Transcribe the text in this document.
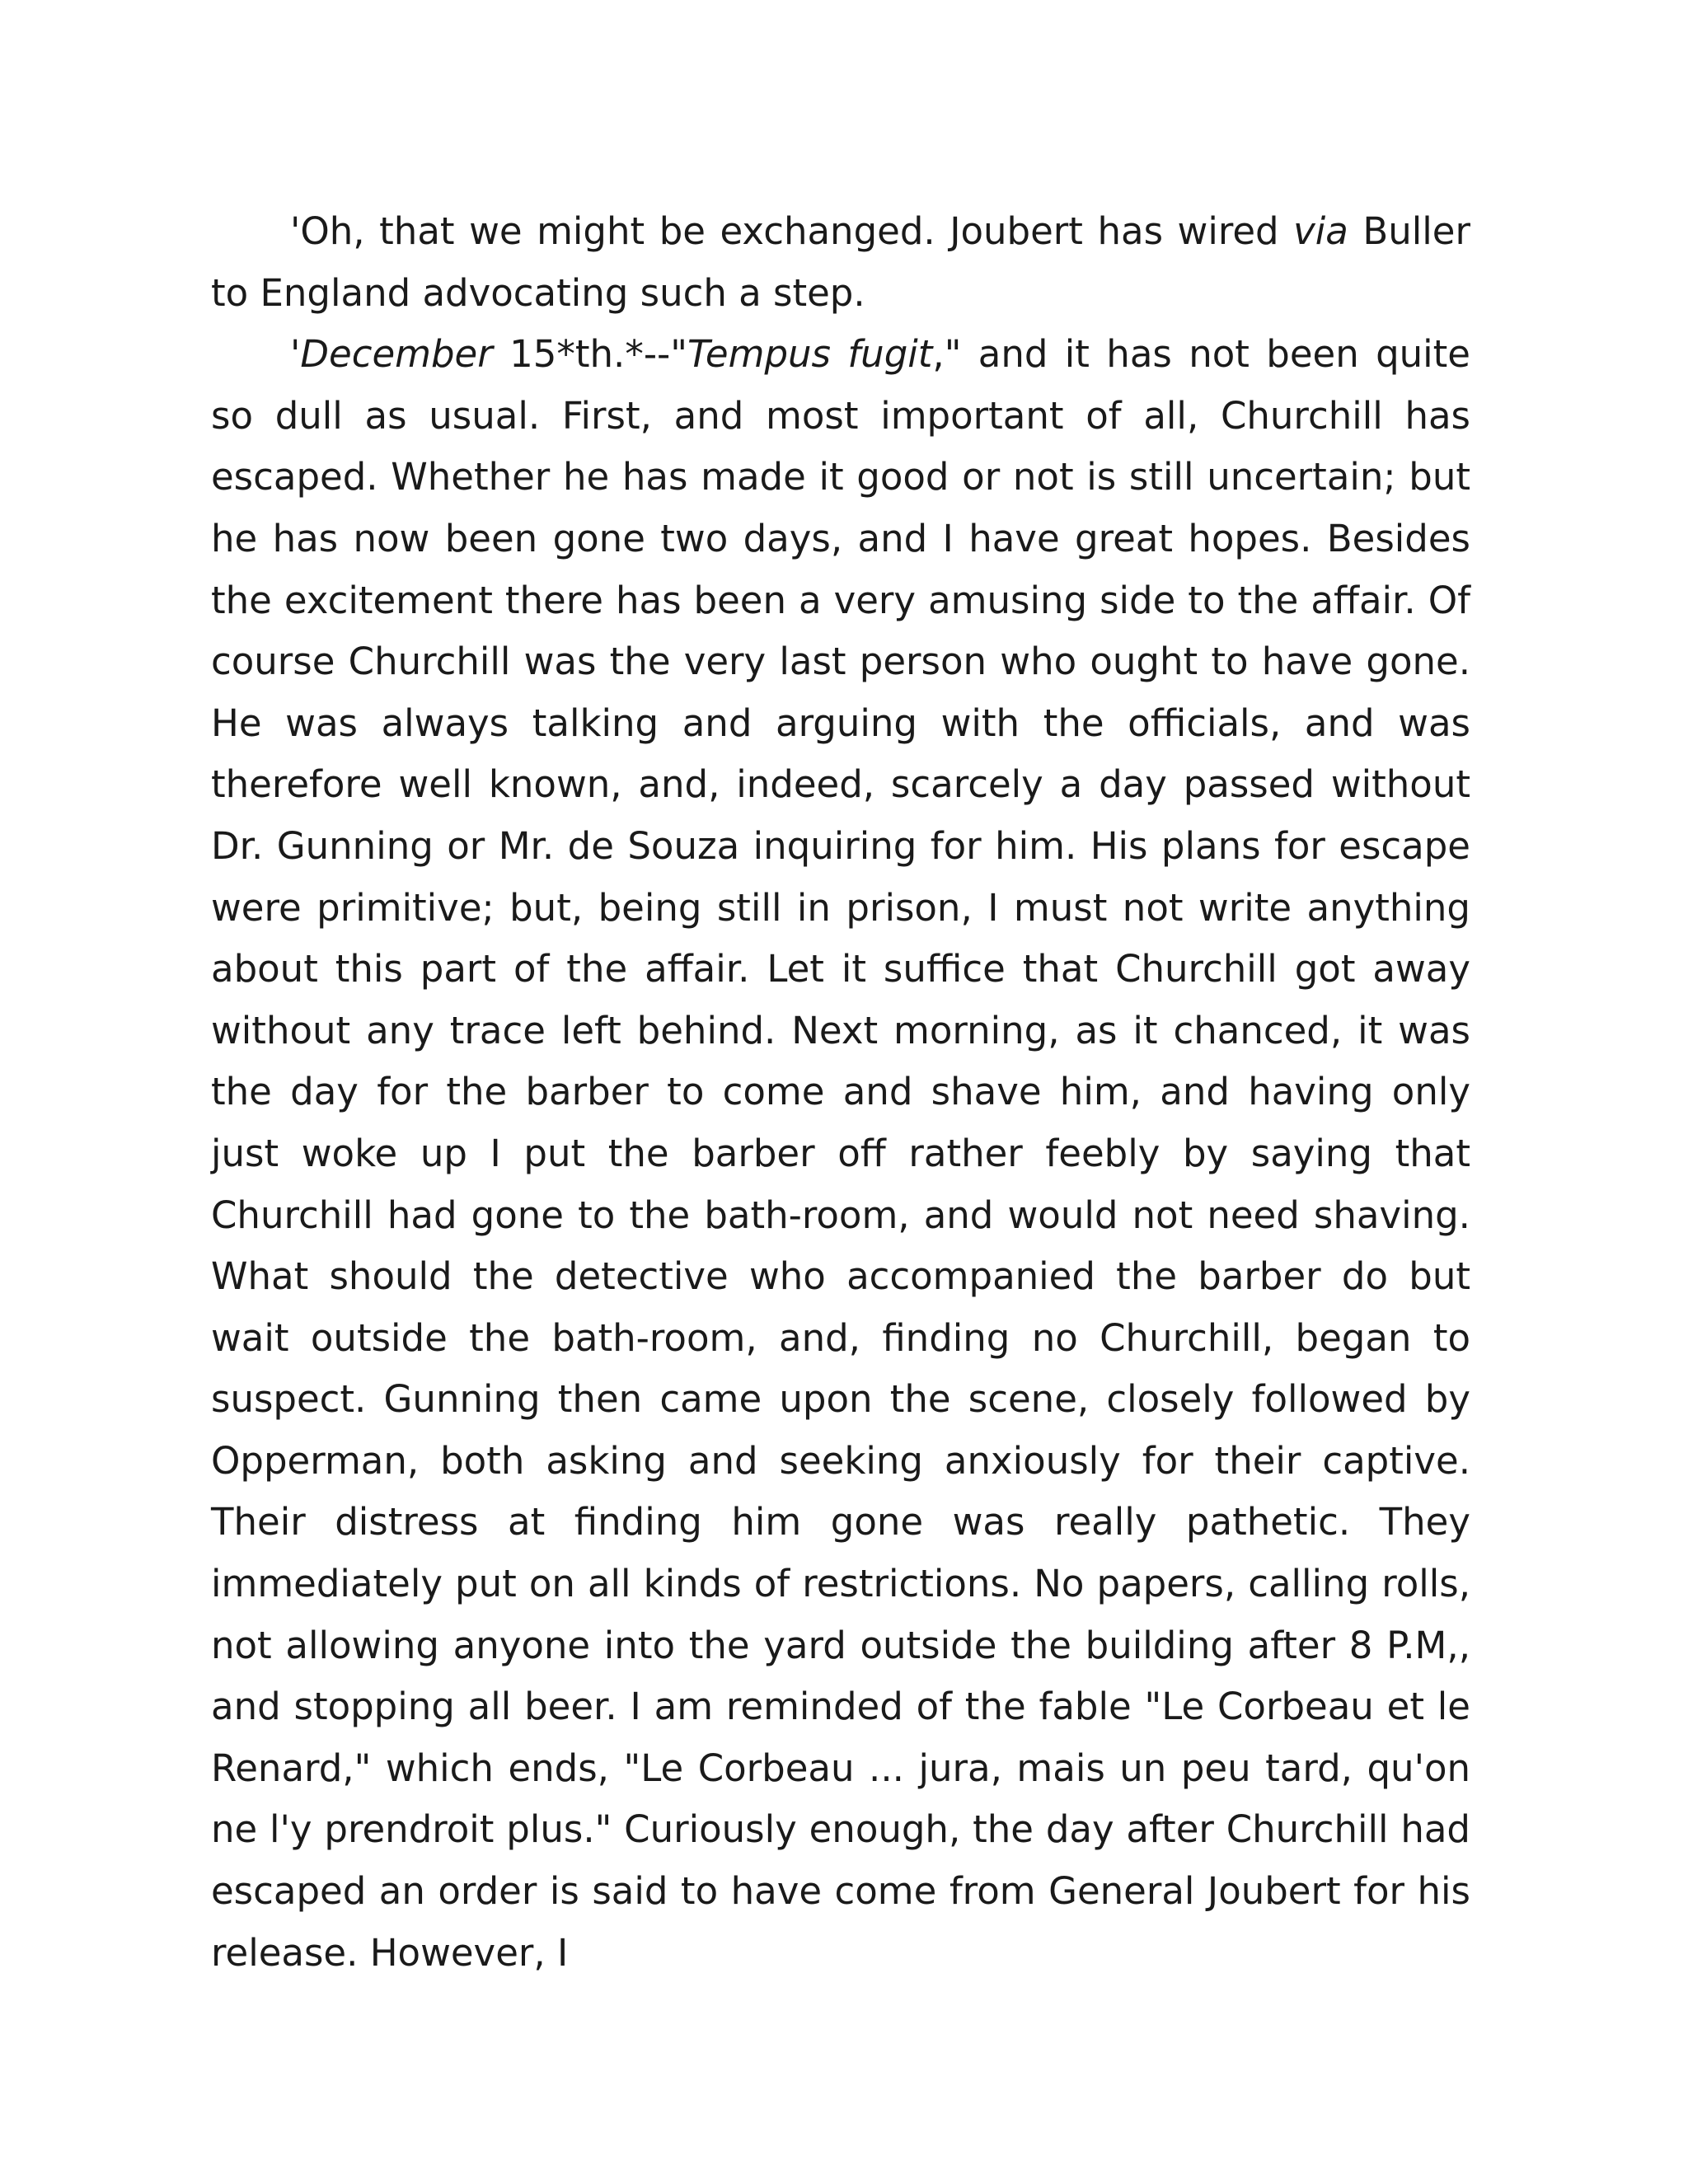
'Oh, that we might be exchanged. Joubert has wired via Buller to England advocating such a step.

'December 15*th.*--"Tempus fugit," and it has not been quite so dull as usual. First, and most important of all, Churchill has escaped. Whether he has made it good or not is still uncertain; but he has now been gone two days, and I have great hopes. Besides the excitement there has been a very amusing side to the affair. Of course Churchill was the very last person who ought to have gone. He was always talking and arguing with the officials, and was therefore well known, and, indeed, scarcely a day passed without Dr. Gunning or Mr. de Souza inquiring for him. His plans for escape were primitive; but, being still in prison, I must not write anything about this part of the affair. Let it suffice that Churchill got away without any trace left behind. Next morning, as it chanced, it was the day for the barber to come and shave him, and having only just woke up I put the barber off rather feebly by saying that Churchill had gone to the bath-room, and would not need shaving. What should the detective who accompanied the barber do but wait outside the bath-room, and, finding no Churchill, began to suspect. Gunning then came upon the scene, closely followed by Opperman, both asking and seeking anxiously for their captive. Their distress at finding him gone was really pathetic. They immediately put on all kinds of restrictions. No papers, calling rolls, not allowing anyone into the yard outside the building after 8 P.M,, and stopping all beer. I am reminded of the fable "Le Corbeau et le Renard," which ends, "Le Corbeau ... jura, mais un peu tard, qu'on ne l'y prendroit plus." Curiously enough, the day after Churchill had escaped an order is said to have come from General Joubert for his release. However, I
